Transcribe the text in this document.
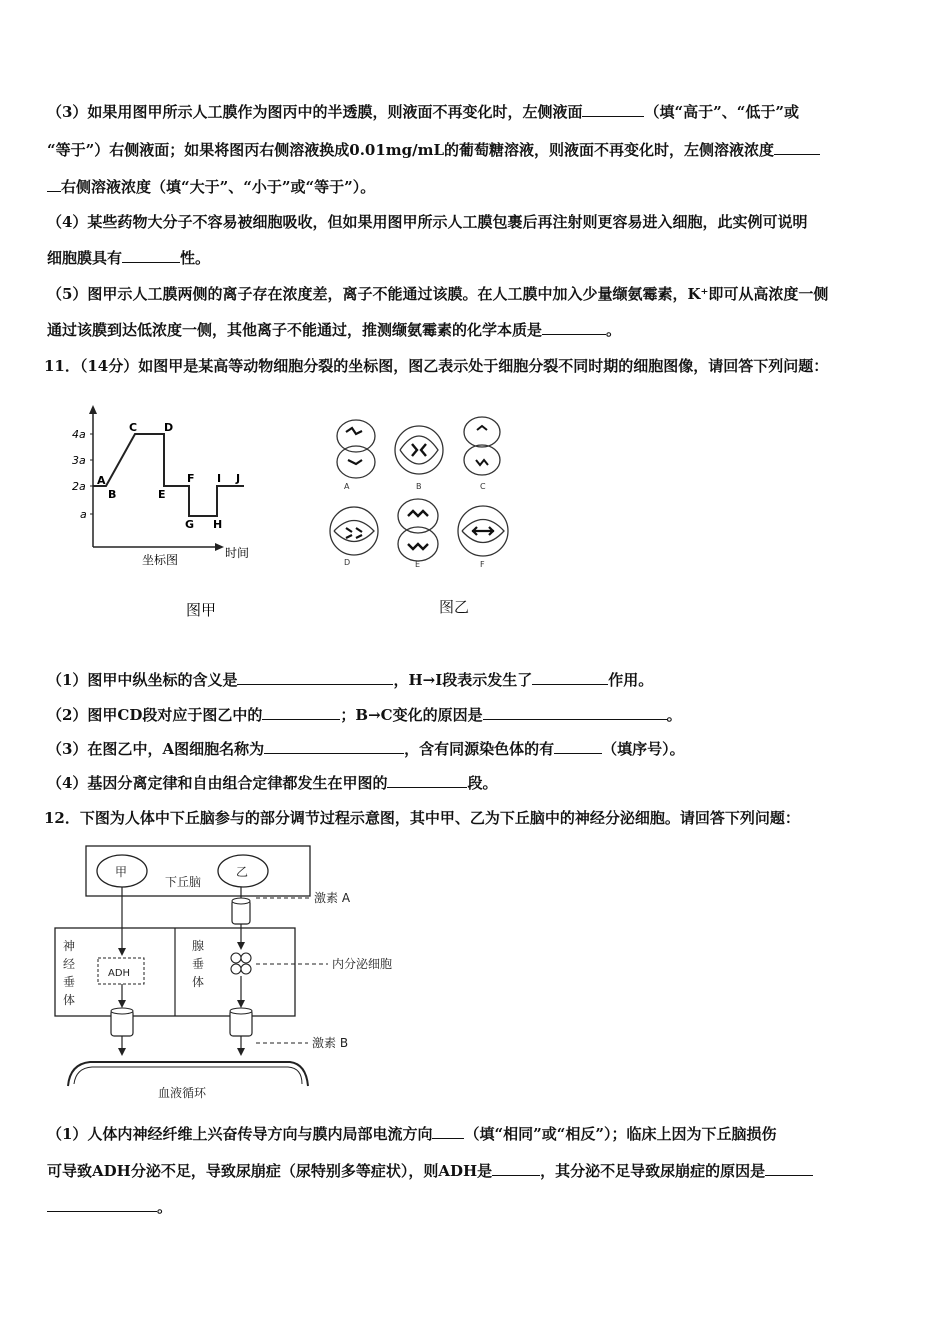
（3）如果用图甲所示人工膜作为图丙中的半透膜，则液面不再变化时，左侧液面	（填“高于”、“低于”或
“等于”）右侧液面；如果将图丙右侧溶液换成0.01mg/mL的葡萄糖溶液，则液面不再变化时，左侧溶液浓度
右侧溶液浓度（填“大于”、“小于”或“等于”）。
（4）某些药物大分子不容易被细胞吸收，但如果用图甲所示人工膜包裹后再注射则更容易进入细胞，此实例可说明
细胞膜具有	性。
（5）图甲示人工膜两侧的离子存在浓度差，离子不能通过该膜。在人工膜中加入少量缬氨霉素，K⁺即可从高浓度一侧
通过该膜到达低浓度一侧，其他离子不能通过，推测缬氨霉素的化学本质是	。
11．（14分）如图甲是某高等动物细胞分裂的坐标图，图乙表示处于细胞分裂不同时期的细胞图像，请回答下列问题：
4a
3a
2a
a
A
B
C D
E
F
G H
I J
时间
坐标图
图甲
A	B	C
D	E	F
图乙
（1）图甲中纵坐标的含义是	，H→I段表示发生了	作用。
（2）图甲CD段对应于图乙中的	；B→C变化的原因是	。
（3）在图乙中，A图细胞名称为	，含有同源染色体的有	（填序号）。
（4）基因分离定律和自由组合定律都发生在甲图的	段。
12．下图为人体中下丘脑参与的部分调节过程示意图，其中甲、乙为下丘脑中的神经分泌细胞。请回答下列问题：
甲	乙
下丘脑
激素 A
神
经
垂
体
ADH
腺
垂
体
内分泌细胞
激素 B
血液循环
（1）人体内神经纤维上兴奋传导方向与膜内局部电流方向 （填“相同”或“相反”）；临床上因为下丘脑损伤
可导致ADH分泌不足，导致尿崩症（尿特别多等症状），则ADH是	，其分泌不足导致尿崩症的原因是
。
